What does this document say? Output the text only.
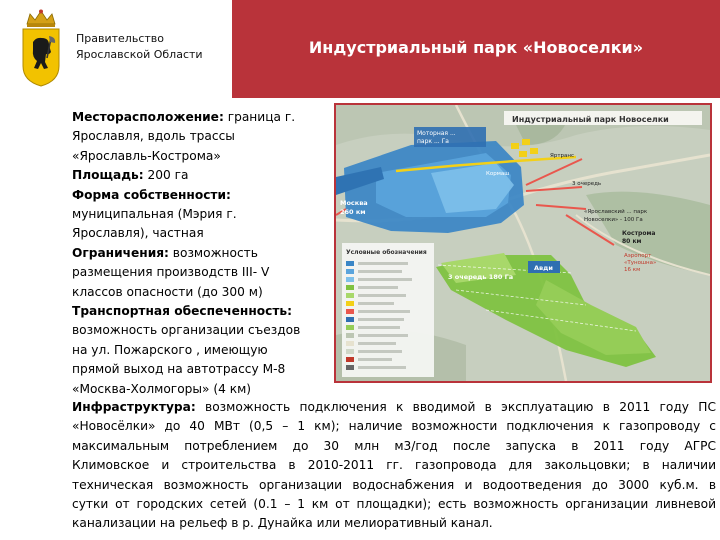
Правительство
Ярославской Области	Индустриальный парк «Новоселки»
Индустриальный парк Новоселки
Моторная ...
парк ... Га
Кормаш
Яртранс
3 очередь
Москва
260 км
3 очередь 180 Га
Авди
«Ярославский ... парк
Новоселки» - 100 Га
Кострома
80 км
Аэропорт
«Туношна»
16 км
Условные обозначения
Месторасположение: граница г.
Ярославля, вдоль трассы
«Ярославль-Кострома»
Площадь: 200 га
Форма собственности:
муниципальная (Мэрия г.
Ярославля), частная
Ограничения: возможность
размещения производств III- V
классов опасности (до 300 м)
Транспортная обеспеченность:
возможность организации съездов
на ул. Пожарского , имеющую
прямой выход на автотрассу М-8
«Москва-Холмогоры» (4 км)
Инфраструктура: возможность подключения к вводимой в эксплуатацию в 2011 году ПС
«Новосёлки» до 40 МВт (0,5 – 1 км); наличие возможности подключения к газопроводу с
максимальным потреблением до 30 млн м3/год после запуска в 2011 году АГРС
Климовское и строительства в 2010-2011 гг. газопровода для закольцовки; в наличии
техническая возможность организации водоснабжения и водоотведения до 3000 куб.м. в
сутки от городских сетей (0.1 – 1 км от площадки); есть возможность организации ливневой
канализации на рельеф в р. Дунайка или мелиоративный канал.
